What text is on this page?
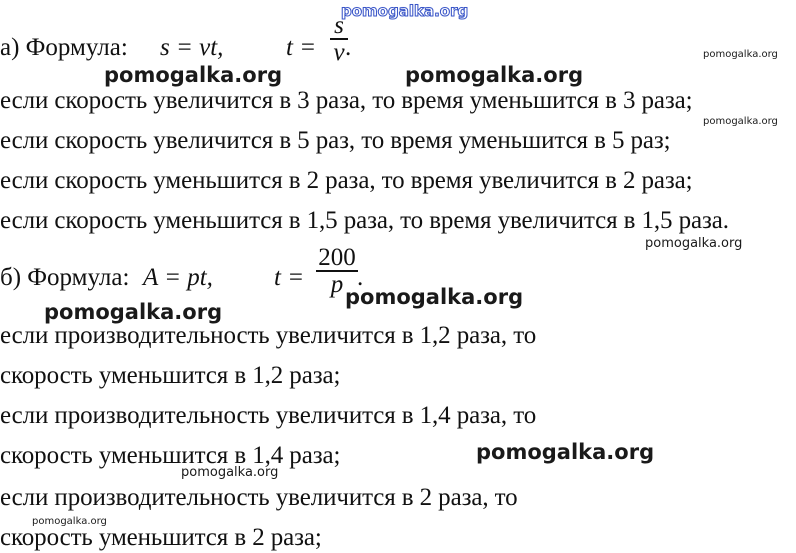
pomogalka.org
а) Формула: s = vt,	$t = \frac{s}{v}$
.
если скорость увеличится в 3 раза, то время уменьшится в 3 раза;
если скорость увеличится в 5 раз, то время уменьшится в 5 раз;
если скорость уменьшится в 2 раза, то время увеличится в 2 раза;
если скорость уменьшится в 1,5 раза, то время увеличится в 1,5 раза.
б) Формула: A = pt, $t = \frac{200}{p}$ .
если производительность увеличится в 1,2 раза, то
скорость уменьшится в 1,2 раза;
если производительность увеличится в 1,4 раза, то
скорость уменьшится в 1,4 раза;
если производительность увеличится в 2 раза, то
скорость уменьшится в 2 раза;
pomogalka.org	pomogalka.org
pomogalka.org
pomogalka.org
pomogalka.org
pomogalka.org
pomogalka.org
pomogalka.org
pomogalka.org
pomogalka.org
